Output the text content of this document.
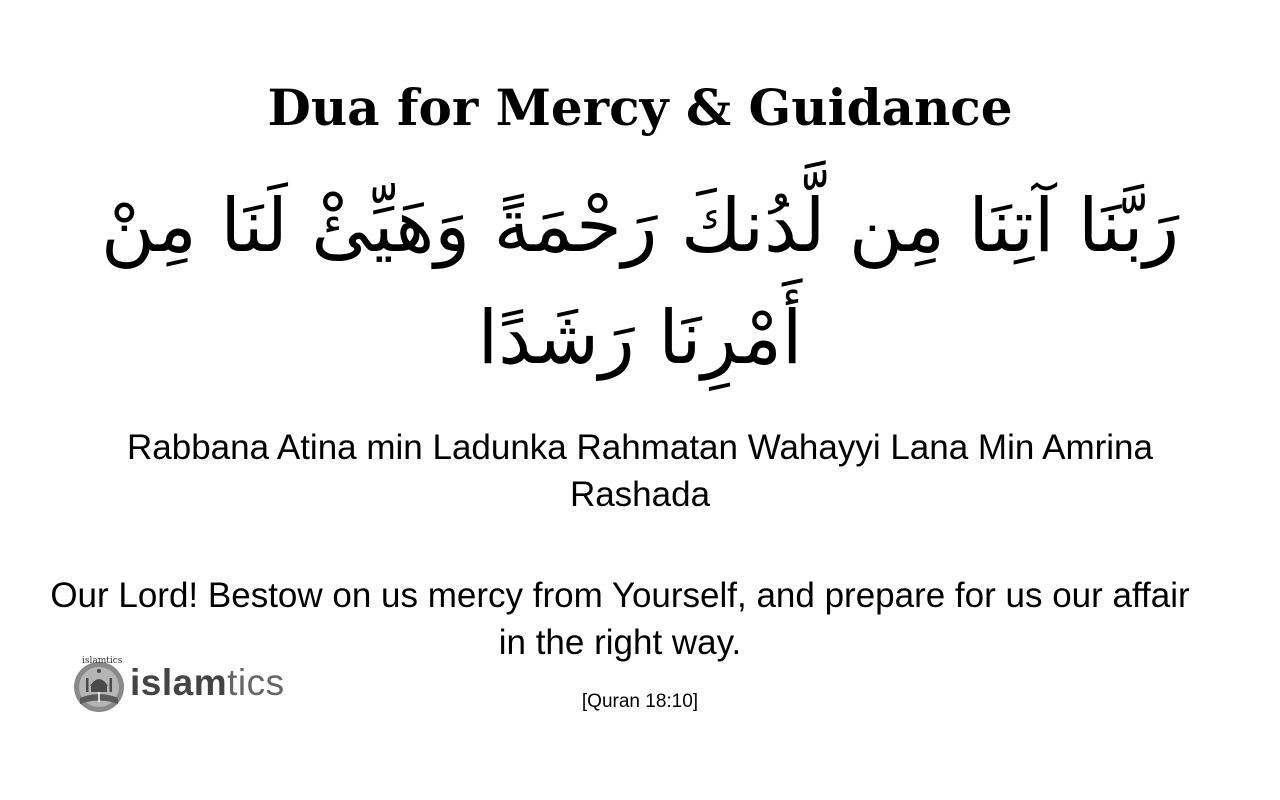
Dua for Mercy & Guidance

رَبَّنَا آتِنَا مِن لَّدُنكَ رَحْمَةً وَهَيِّئْ لَنَا مِنْ أَمْرِنَا رَشَدًا

Rabbana Atina min Ladunka Rahmatan Wahayyi Lana Min Amrina Rashada

Our Lord! Bestow on us mercy from Yourself, and prepare for us our affair in the right way.

[Quran 18:10]

islamtics
islamtics
